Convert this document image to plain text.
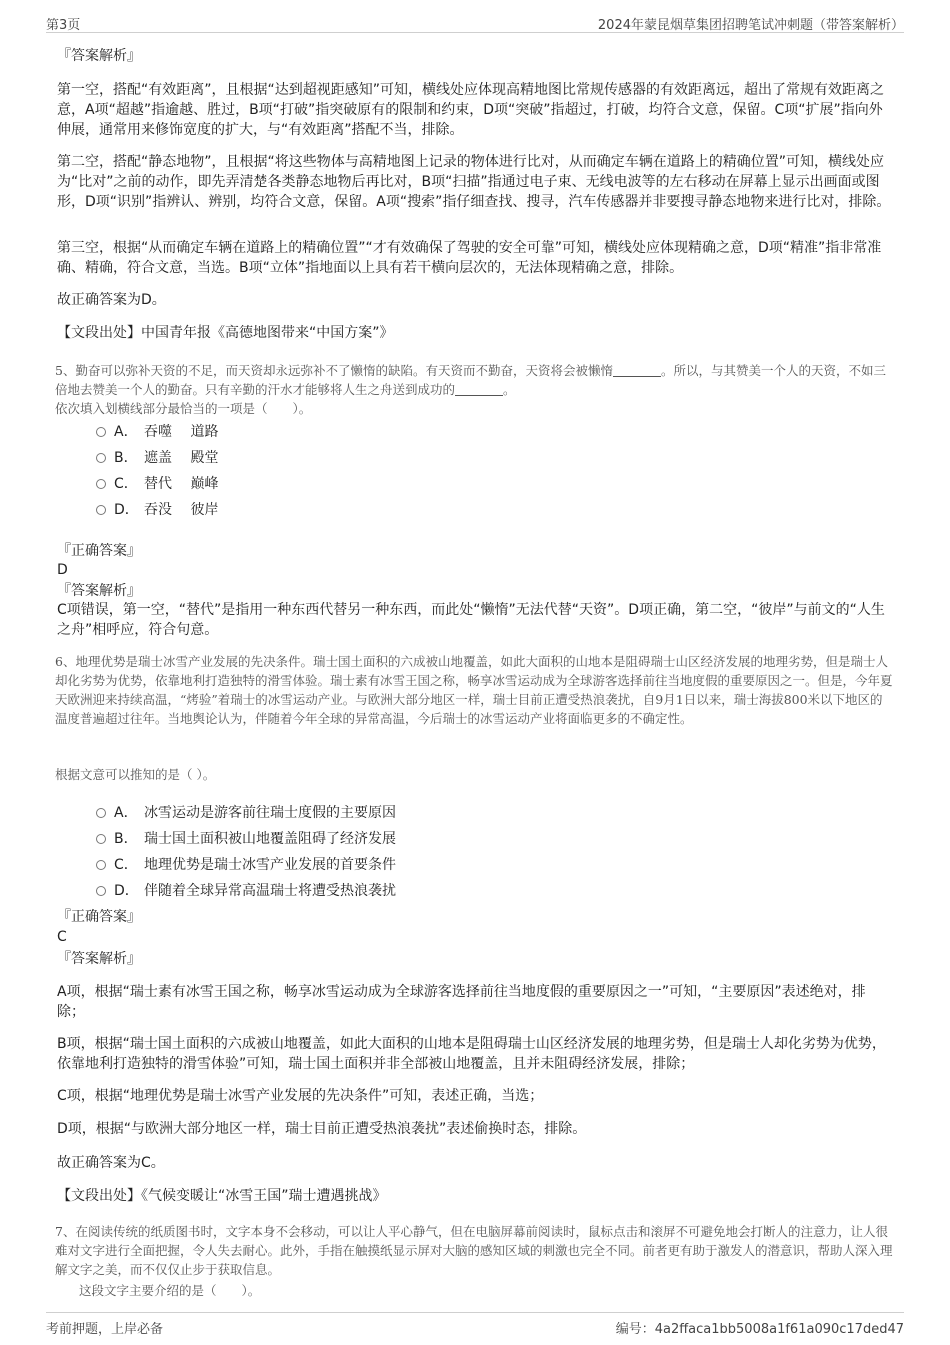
第3页	2024年蒙昆烟草集团招聘笔试冲刺题（带答案解析）
『答案解析』
第一空，搭配“有效距离”，且根据“达到超视距感知”可知，横线处应体现高精地图比常规传感器的有效距离远，超出了常规有效距离之意，A项“超越”指逾越、胜过，B项“打破”指突破原有的限制和约束，D项“突破”指超过，打破，均符合文意，保留。C项“扩展”指向外伸展，通常用来修饰宽度的扩大，与“有效距离”搭配不当，排除。
第二空，搭配“静态地物”，且根据“将这些物体与高精地图上记录的物体进行比对，从而确定车辆在道路上的精确位置”可知，横线处应为“比对”之前的动作，即先弄清楚各类静态地物后再比对，B项“扫描”指通过电子束、无线电波等的左右移动在屏幕上显示出画面或图形，D项“识别”指辨认、辨别，均符合文意，保留。A项“搜索”指仔细查找、搜寻，汽车传感器并非要搜寻静态地物来进行比对，排除。
第三空，根据“从而确定车辆在道路上的精确位置”“才有效确保了驾驶的安全可靠”可知，横线处应体现精确之意，D项“精准”指非常准确、精确，符合文意，当选。B项“立体”指地面以上具有若干横向层次的，无法体现精确之意，排除。
故正确答案为D。
【文段出处】中国青年报《高德地图带来“中国方案”》
5、勤奋可以弥补天资的不足，而天资却永远弥补不了懒惰的缺陷。有天资而不勤奋，天资将会被懒惰	。所以，与其赞美一个人的天资，不如三倍地去赞美一个人的勤奋。只有辛勤的汗水才能够将人生之舟送到成功的	。
依次填入划横线部分最恰当的一项是（　　）。
A． 吞噬　 道路
B． 遮盖　 殿堂
C． 替代　 巅峰
D． 吞没　 彼岸
『正确答案』
D
『答案解析』
C项错误，第一空，“替代”是指用一种东西代替另一种东西，而此处“懒惰”无法代替“天资”。D项正确，第二空，“彼岸”与前文的“人生之舟”相呼应，符合句意。
6、地理优势是瑞士冰雪产业发展的先决条件。瑞士国土面积的六成被山地覆盖，如此大面积的山地本是阻碍瑞士山区经济发展的地理劣势，但是瑞士人却化劣势为优势，依靠地利打造独特的滑雪体验。瑞士素有冰雪王国之称，畅享冰雪运动成为全球游客选择前往当地度假的重要原因之一。但是，今年夏天欧洲迎来持续高温，“烤验”着瑞士的冰雪运动产业。与欧洲大部分地区一样，瑞士目前正遭受热浪袭扰，自9月1日以来，瑞士海拔800米以下地区的温度普遍超过往年。当地舆论认为，伴随着今年全球的异常高温，今后瑞士的冰雪运动产业将面临更多的不确定性。
根据文意可以推知的是（ ）。
A． 冰雪运动是游客前往瑞士度假的主要原因
B． 瑞士国土面积被山地覆盖阻碍了经济发展
C． 地理优势是瑞士冰雪产业发展的首要条件
D． 伴随着全球异常高温瑞士将遭受热浪袭扰
『正确答案』
C
『答案解析』
A项，根据“瑞士素有冰雪王国之称，畅享冰雪运动成为全球游客选择前往当地度假的重要原因之一”可知，“主要原因”表述绝对，排除；
B项，根据“瑞士国土面积的六成被山地覆盖，如此大面积的山地本是阻碍瑞士山区经济发展的地理劣势，但是瑞士人却化劣势为优势，依靠地利打造独特的滑雪体验”可知，瑞士国土面积并非全部被山地覆盖，且并未阻碍经济发展，排除；
C项，根据“地理优势是瑞士冰雪产业发展的先决条件”可知，表述正确，当选；
D项，根据“与欧洲大部分地区一样，瑞士目前正遭受热浪袭扰”表述偷换时态，排除。
故正确答案为C。
【文段出处】《气候变暖让“冰雪王国”瑞士遭遇挑战》
7、在阅读传统的纸质图书时，文字本身不会移动，可以让人平心静气，但在电脑屏幕前阅读时，鼠标点击和滚屏不可避免地会打断人的注意力，让人很难对文字进行全面把握，令人失去耐心。此外，手指在触摸纸显示屏对大脑的感知区域的刺激也完全不同。前者更有助于激发人的潜意识，帮助人深入理解文字之美，而不仅仅止步于获取信息。
这段文字主要介绍的是（　　）。
考前押题，上岸必备	编号：4a2ffaca1bb5008a1f61a090c17ded47
